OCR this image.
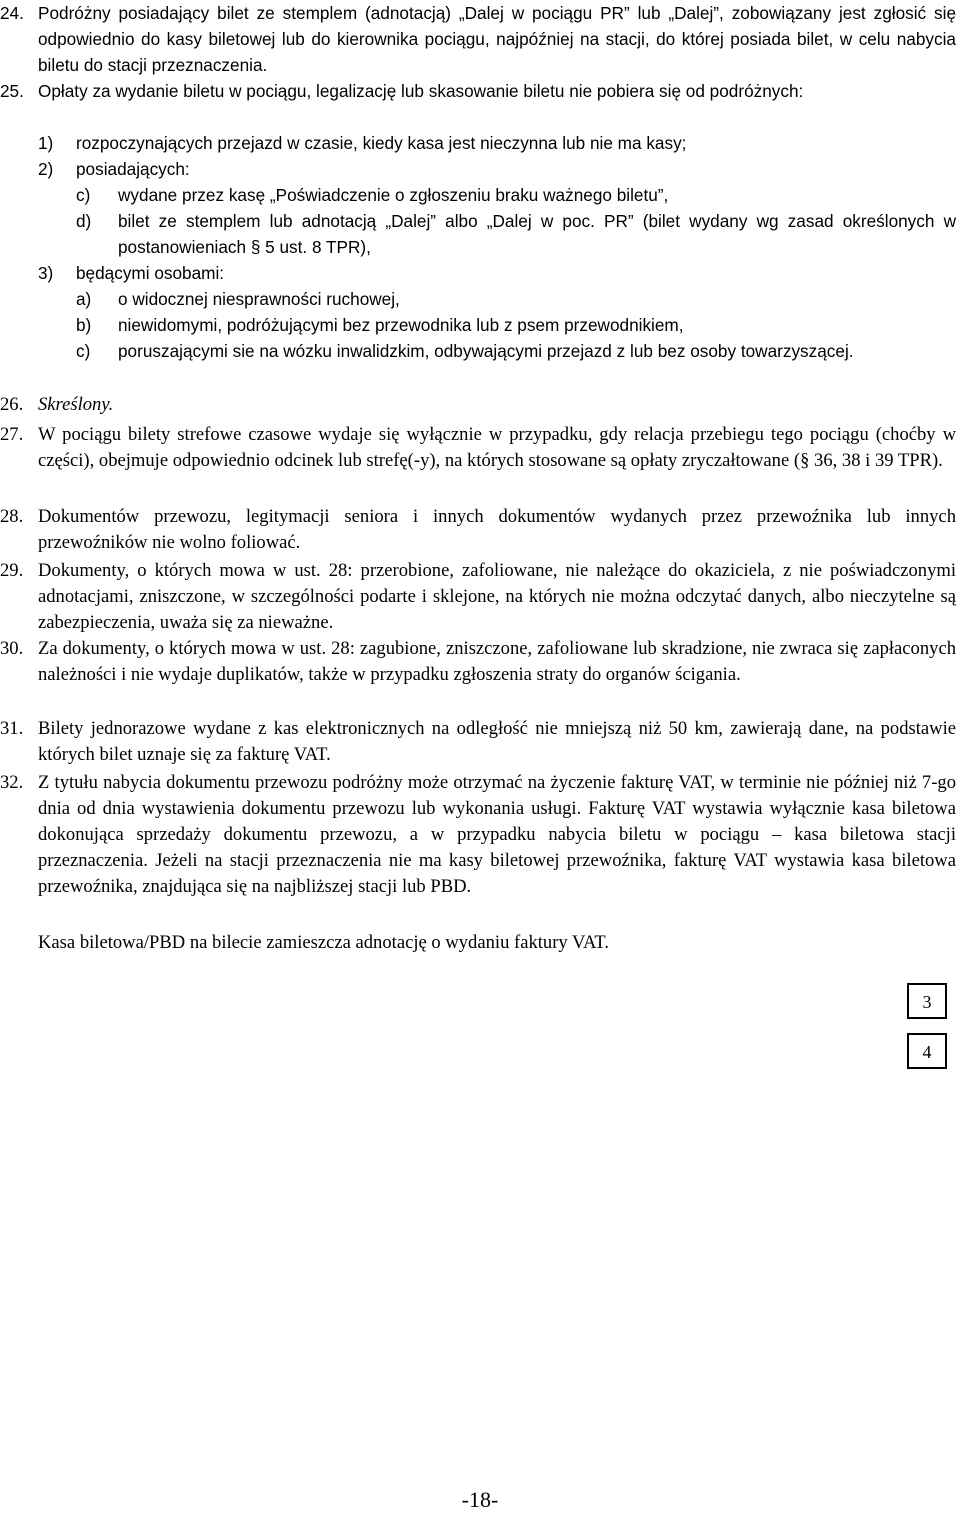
24. Podróżny posiadający bilet ze stemplem (adnotacją) „Dalej w pociągu PR” lub „Dalej”, zobowiązany jest zgłosić się odpowiednio do kasy biletowej lub do kierownika pociągu, najpóźniej na stacji, do której posiada bilet, w celu nabycia biletu do stacji przeznaczenia.
25. Opłaty za wydanie biletu w pociągu, legalizację lub skasowanie biletu nie pobiera się od podróżnych:
1) rozpoczynających przejazd w czasie, kiedy kasa jest nieczynna lub nie ma kasy;
2) posiadających:
c) wydane przez kasę „Poświadczenie o zgłoszeniu braku ważnego biletu”,
d) bilet ze stemplem lub adnotacją „Dalej” albo „Dalej w poc. PR” (bilet wydany wg zasad określonych w postanowieniach § 5 ust. 8 TPR),
3) będącymi osobami:
a) o widocznej niesprawności ruchowej,
b) niewidomymi, podróżującymi bez przewodnika lub z psem przewodnikiem,
c) poruszającymi sie na wózku inwalidzkim, odbywającymi przejazd z lub bez osoby towarzyszącej.
26. Skreślony.
27. W pociągu bilety strefowe czasowe wydaje się wyłącznie w przypadku, gdy relacja przebiegu tego pociągu (choćby w części), obejmuje odpowiednio odcinek lub strefę(-y), na których stosowane są opłaty zryczałtowane (§ 36, 38 i 39 TPR).
28. Dokumentów przewozu, legitymacji seniora i innych dokumentów wydanych przez przewoźnika lub innych przewoźników nie wolno foliować.
29. Dokumenty, o których mowa w ust. 28: przerobione, zafoliowane, nie należące do okaziciela, z nie poświadczonymi adnotacjami, zniszczone, w szczególności podarte i sklejone, na których nie można odczytać danych, albo nieczytelne są zabezpieczenia, uważa się za nieważne.
30. Za dokumenty, o których mowa w ust. 28: zagubione, zniszczone, zafoliowane lub skradzione, nie zwraca się zapłaconych należności i nie wydaje duplikatów, także w przypadku zgłoszenia straty do organów ścigania.
31. Bilety jednorazowe wydane z kas elektronicznych na odległość nie mniejszą niż 50 km, zawierają dane, na podstawie których bilet uznaje się za fakturę VAT.
32. Z tytułu nabycia dokumentu przewozu podróżny może otrzymać na życzenie fakturę VAT, w terminie nie później niż 7-go dnia od dnia wystawienia dokumentu przewozu lub wykonania usługi. Fakturę VAT wystawia wyłącznie kasa biletowa dokonująca sprzedaży dokumentu przewozu, a w przypadku nabycia biletu w pociągu – kasa biletowa stacji przeznaczenia. Jeżeli na stacji przeznaczenia nie ma kasy biletowej przewoźnika, fakturę VAT wystawia kasa biletowa przewoźnika, znajdująca się na najbliższej stacji lub PBD.
Kasa biletowa/PBD na bilecie zamieszcza adnotację o wydaniu faktury VAT.
3
4
-18-
